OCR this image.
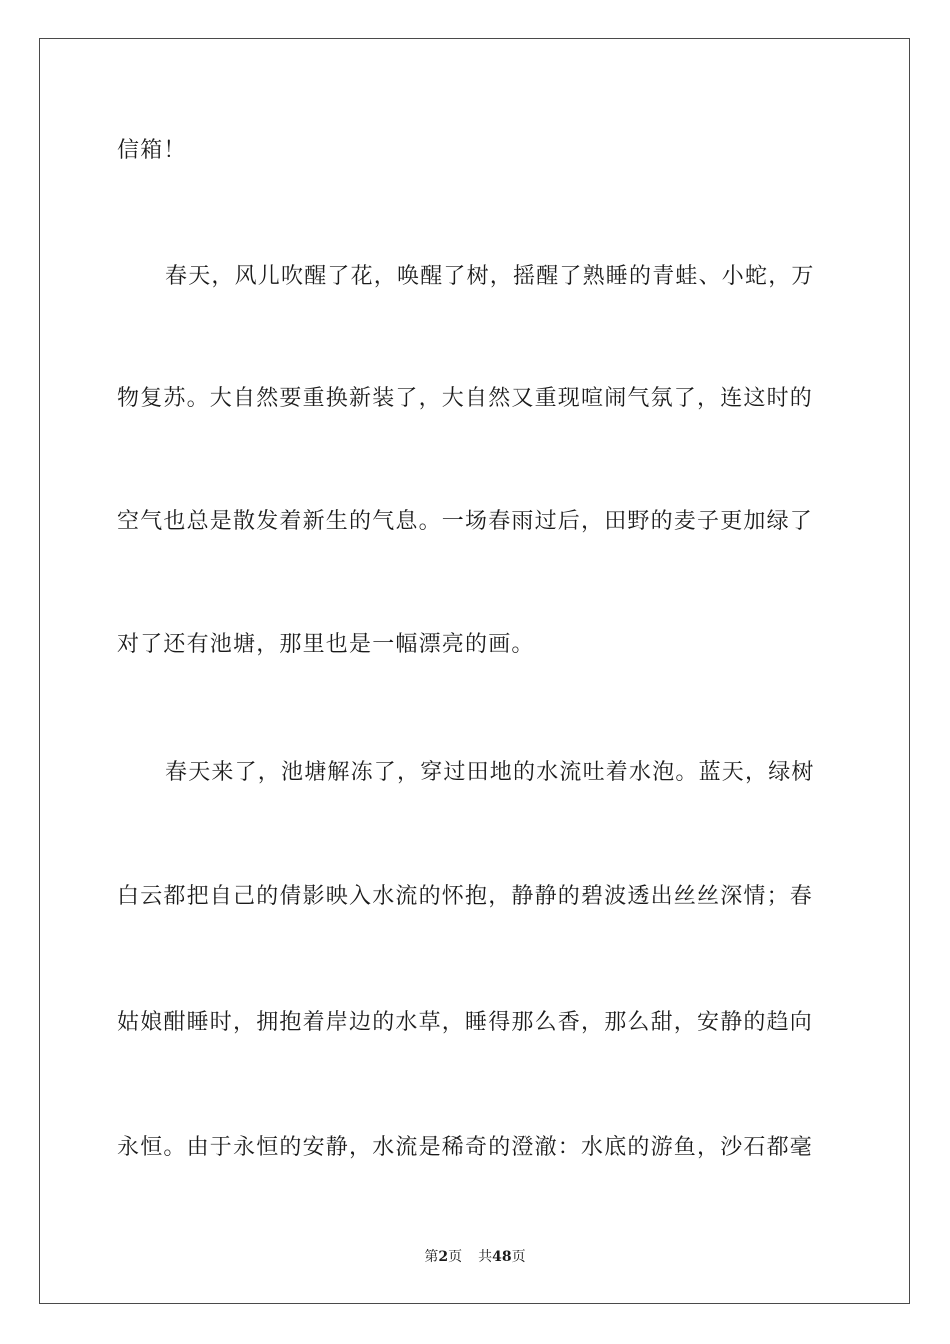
信箱！
春天，风儿吹醒了花，唤醒了树，摇醒了熟睡的青蛙、小蛇，万
物复苏。大自然要重换新装了，大自然又重现喧闹气氛了，连这时的
空气也总是散发着新生的气息。一场春雨过后，田野的麦子更加绿了
对了还有池塘，那里也是一幅漂亮的画。
春天来了，池塘解冻了，穿过田地的水流吐着水泡。蓝天，绿树
白云都把自己的倩影映入水流的怀抱，静静的碧波透出丝丝深情；春
姑娘酣睡时，拥抱着岸边的水草，睡得那么香，那么甜，安静的趋向
永恒。由于永恒的安静，水流是稀奇的澄澈：水底的游鱼，沙石都毫
第2页 共48页
